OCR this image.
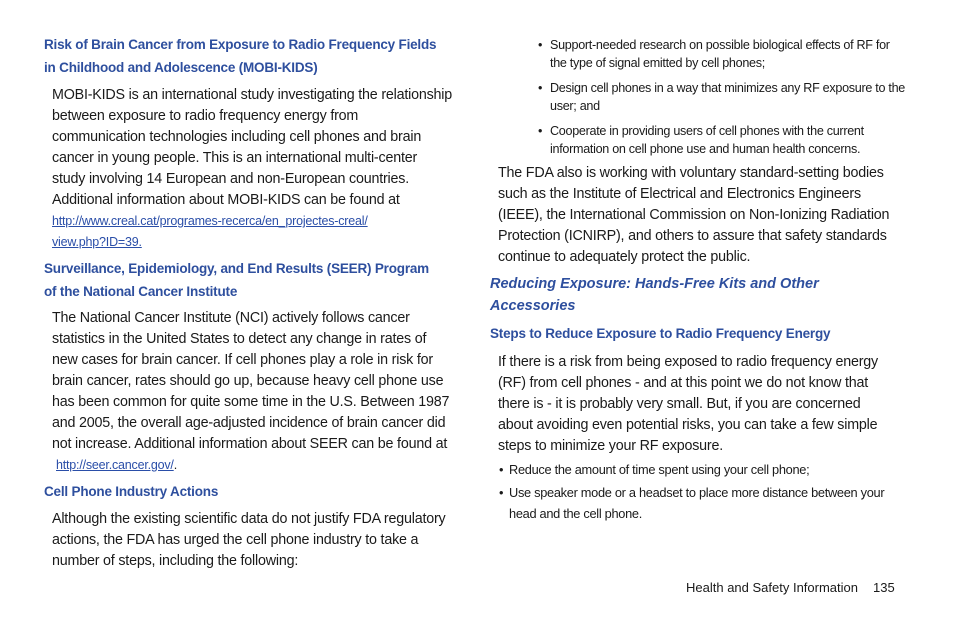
Risk of Brain Cancer from Exposure to Radio Frequency Fields
in Childhood and Adolescence (MOBI-KIDS)
MOBI-KIDS is an international study investigating the relationship
between exposure to radio frequency energy from
communication technologies including cell phones and brain
cancer in young people. This is an international multi-center
study involving 14 European and non-European countries.
Additional information about MOBI-KIDS can be found at
http://www.creal.cat/programes-recerca/en_projectes-creal/
view.php?ID=39.
Surveillance, Epidemiology, and End Results (SEER) Program
of the National Cancer Institute
The National Cancer Institute (NCI) actively follows cancer
statistics in the United States to detect any change in rates of
new cases for brain cancer. If cell phones play a role in risk for
brain cancer, rates should go up, because heavy cell phone use
has been common for quite some time in the U.S. Between 1987
and 2005, the overall age-adjusted incidence of brain cancer did
not increase. Additional information about SEER can be found at
http://seer.cancer.gov/.
Cell Phone Industry Actions
Although the existing scientific data do not justify FDA regulatory
actions, the FDA has urged the cell phone industry to take a
number of steps, including the following:
• Support-needed research on possible biological effects of RF for
the type of signal emitted by cell phones;
• Design cell phones in a way that minimizes any RF exposure to the
user; and
• Cooperate in providing users of cell phones with the current
information on cell phone use and human health concerns.
The FDA also is working with voluntary standard-setting bodies
such as the Institute of Electrical and Electronics Engineers
(IEEE), the International Commission on Non-Ionizing Radiation
Protection (ICNIRP), and others to assure that safety standards
continue to adequately protect the public.
Reducing Exposure: Hands-Free Kits and Other
Accessories
Steps to Reduce Exposure to Radio Frequency Energy
If there is a risk from being exposed to radio frequency energy
(RF) from cell phones - and at this point we do not know that
there is - it is probably very small. But, if you are concerned
about avoiding even potential risks, you can take a few simple
steps to minimize your RF exposure.
• Reduce the amount of time spent using your cell phone;
• Use speaker mode or a headset to place more distance between your
head and the cell phone.
Health and Safety Information 135
